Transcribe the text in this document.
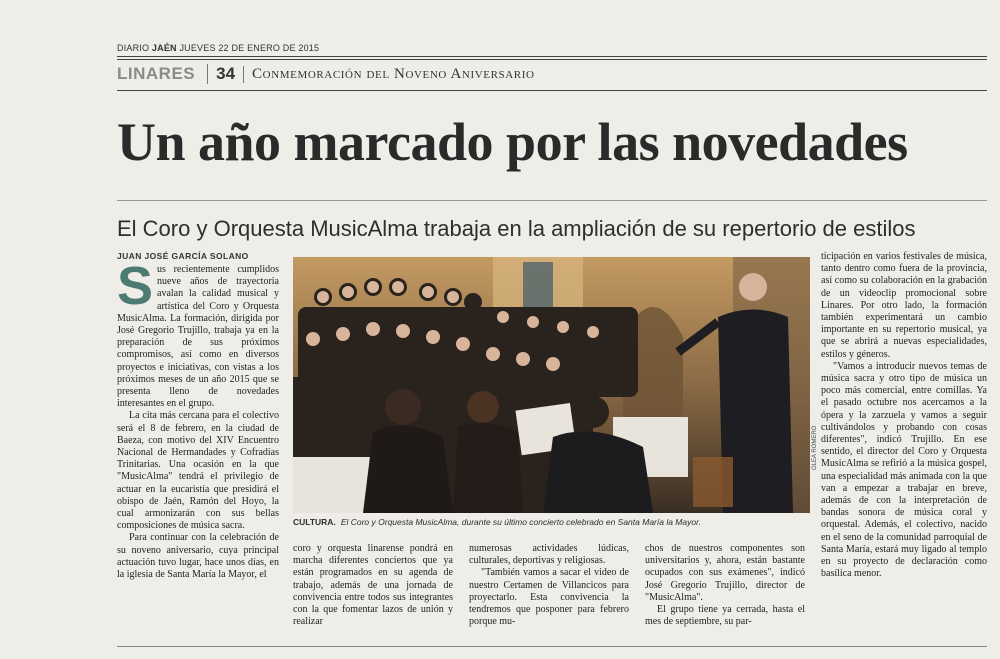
DIARIO JAÉN JUEVES 22 DE ENERO DE 2015
LINARES	34	Conmemoración del Noveno Aniversario
Un año marcado por las novedades
El Coro y Orquesta MusicAlma trabaja en la ampliación de su repertorio de estilos
JUAN JOSÉ GARCÍA SOLANO

Sus recientemente cumplidos nueve años de trayectoria avalan la calidad musical y artística del Coro y Orquesta MusicAlma. La formación, dirigida por José Gregorio Trujillo, trabaja ya en la preparación de sus próximos compromisos, así como en diversos proyectos e iniciativas, con vistas a los próximos meses de un año 2015 que se presenta lleno de novedades interesantes en el grupo.

La cita más cercana para el colectivo será el 8 de febrero, en la ciudad de Baeza, con motivo del XIV Encuentro Nacional de Hermandades y Cofradías Trinitarias. Una ocasión en la que "MusicAlma" tendrá el privilegio de actuar en la eucaristía que presidirá el obispo de Jaén, Ramón del Hoyo, la cual armonizarán con sus bellas composiciones de música sacra.

Para continuar con la celebración de su noveno aniversario, cuya principal actuación tuvo lugar, hace unos días, en la iglesia de Santa María la Mayor, el

OLEA ROMERO
CULTURA. El Coro y Orquesta MusicAlma, durante su último concierto celebrado en Santa María la Mayor.

coro y orquesta linarense pondrá en marcha diferentes conciertos que ya están programados en su agenda de trabajo, además de una jornada de convivencia entre todos sus integrantes con la que fomentar lazos de unión y realizar

numerosas actividades lúdicas, culturales, deportivas y religiosas.

"También vamos a sacar el video de nuestro Certamen de Villancicos para proyectarlo. Esta convivencia la tendremos que posponer para febrero porque mu-

chos de nuestros componentes son universitarios y, ahora, están bastante ocupados con sus exámenes", indicó José Gregorio Trujillo, director de "MusicAlma".

El grupo tiene ya cerrada, hasta el mes de septiembre, su par-

ticipación en varios festivales de música, tanto dentro como fuera de la provincia, así como su colaboración en la grabación de un videoclip promocional sobre Linares. Por otro lado, la formación también experimentará un cambio importante en su repertorio musical, ya que se abrirá a nuevas especialidades, estilos y géneros.

"Vamos a introducir nuevos temas de música sacra y otro tipo de música un poco más comercial, entre comillas. Ya el pasado octubre nos acercamos a la ópera y la zarzuela y vamos a seguir cultivándolos y probando con cosas diferentes", indicó Trujillo. En ese sentido, el director del Coro y Orquesta MusicAlma se refirió a la música gospel, una especialidad más animada con la que van a empezar a trabajar en breve, además de con la interpretación de bandas sonora de música coral y orquestal. Además, el colectivo, nacido en el seno de la comunidad parroquial de Santa María, estará muy ligado al templo en su proyecto de declaración como basílica menor.
